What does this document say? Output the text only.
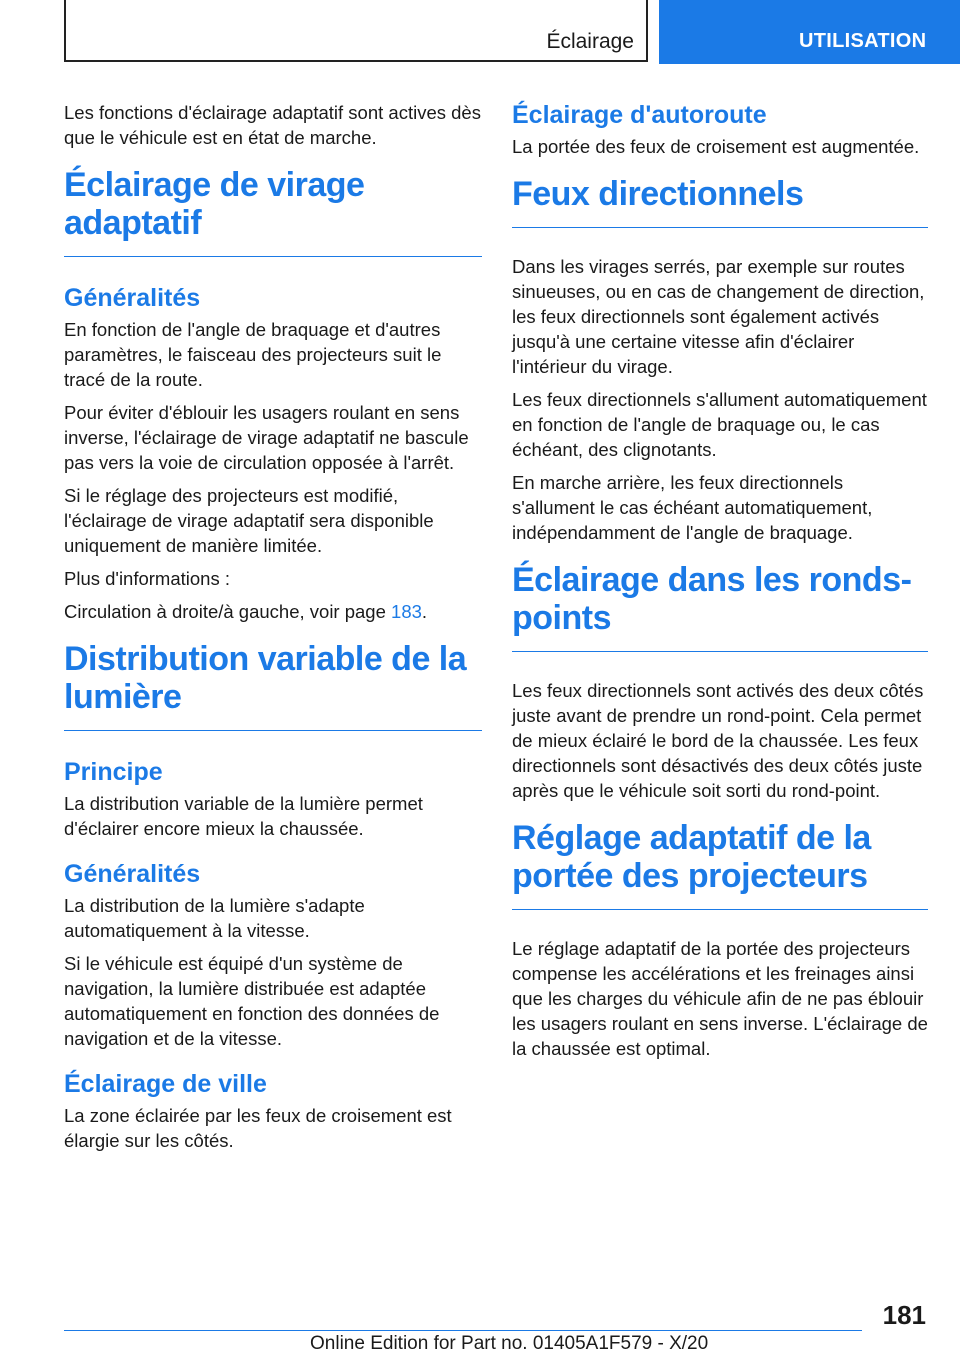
Éclairage	UTILISATION

Les fonctions d'éclairage adaptatif sont actives dès que le véhicule est en état de marche.

Éclairage de virage adaptatif
Généralités

En fonction de l'angle de braquage et d'autres paramètres, le faisceau des projecteurs suit le tracé de la route.

Pour éviter d'éblouir les usagers roulant en sens inverse, l'éclairage de virage adaptatif ne bascule pas vers la voie de circulation opposée à l'arrêt.

Si le réglage des projecteurs est modifié, l'éclairage de virage adaptatif sera disponible uniquement de manière limitée.

Plus d'informations :

Circulation à droite/à gauche, voir page 183.

Distribution variable de la lumière
Principe

La distribution variable de la lumière permet d'éclairer encore mieux la chaussée.

Généralités

La distribution de la lumière s'adapte automatiquement à la vitesse.

Si le véhicule est équipé d'un système de navigation, la lumière distribuée est adaptée automatiquement en fonction des données de navigation et de la vitesse.

Éclairage de ville

La zone éclairée par les feux de croisement est élargie sur les côtés.

Éclairage d'autoroute

La portée des feux de croisement est augmentée.

Feux directionnels

Dans les virages serrés, par exemple sur routes sinueuses, ou en cas de changement de direction, les feux directionnels sont également activés jusqu'à une certaine vitesse afin d'éclairer l'intérieur du virage.

Les feux directionnels s'allument automatiquement en fonction de l'angle de braquage ou, le cas échéant, des clignotants.

En marche arrière, les feux directionnels s'allument le cas échéant automatiquement, indépendamment de l'angle de braquage.

Éclairage dans les ronds-points

Les feux directionnels sont activés des deux côtés juste avant de prendre un rond-point. Cela permet de mieux éclairé le bord de la chaussée. Les feux directionnels sont désactivés des deux côtés juste après que le véhicule soit sorti du rond-point.

Réglage adaptatif de la portée des projecteurs

Le réglage adaptatif de la portée des projecteurs compense les accélérations et les freinages ainsi que les charges du véhicule afin de ne pas éblouir les usagers roulant en sens inverse. L'éclairage de la chaussée est optimal.

181
Online Edition for Part no. 01405A1F579 - X/20
